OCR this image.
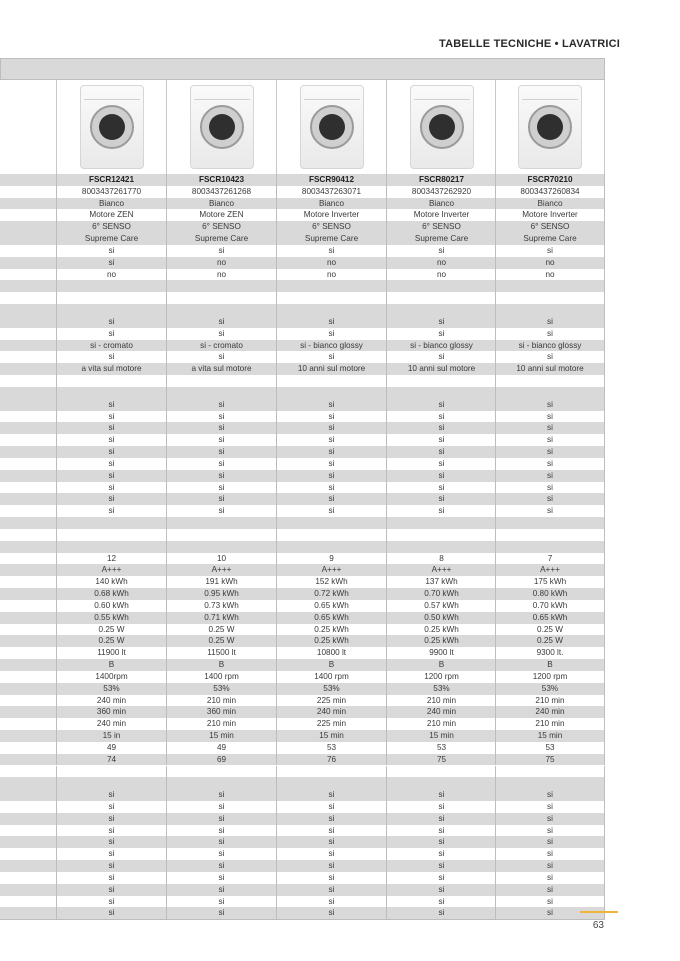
TABELLE TECNICHE • LAVATRICI
FSCR12421	FSCR10423	FSCR90412	FSCR80217	FSCR70210
8003437261770	8003437261268	8003437263071	8003437262920	8003437260834
Bianco	Bianco	Bianco	Bianco	Bianco
Motore ZEN	Motore ZEN	Motore Inverter	Motore Inverter	Motore Inverter
6° SENSO	6° SENSO	6° SENSO	6° SENSO	6° SENSO
Supreme Care	Supreme Care	Supreme Care	Supreme Care	Supreme Care
si	si	si	si	si
si	no	no	no	no
no	no	no	no	no
si	si	si	si	si
si	si	si	si	si
si - cromato	si - cromato	si - bianco glossy	si - bianco glossy	si - bianco glossy
si	si	si	si	si
a vita sul motore	a vita sul motore	10 anni sul motore	10 anni sul motore	10 anni sul motore
si	si	si	si	si
si	si	si	si	si
si	si	si	si	si
si	si	si	si	si
si	si	si	si	si
si	si	si	si	si
si	si	si	si	si
si	si	si	si	si
si	si	si	si	si
si	si	si	si	si
12	10	9	8	7
A+++	A+++	A+++	A+++	A+++
140 kWh	191 kWh	152 kWh	137 kWh	175 kWh
0.68 kWh	0.95 kWh	0.72 kWh	0.70 kWh	0.80 kWh
0.60 kWh	0.73 kWh	0.65 kWh	0.57 kWh	0.70 kWh
0.55 kWh	0.71 kWh	0.65 kWh	0.50 kWh	0.65 kWh
0.25 W	0.25 W	0.25 kWh	0.25 kWh	0.25 W
0.25 W	0.25 W	0.25 kWh	0.25 kWh	0.25 W
11900 lt	11500 lt	10800 lt	9900 lt	9300 lt.
B	B	B	B	B
1400rpm	1400 rpm	1400 rpm	1200 rpm	1200 rpm
53%	53%	53%	53%	53%
240 min	210 min	225 min	210 min	210 min
360 min	360 min	240 min	240 min	240 min
240 min	210 min	225 min	210 min	210 min
15 in	15 min	15 min	15 min	15 min
49	49	53	53	53
74	69	76	75	75
si	si	si	si	si
si	si	si	si	si
si	si	si	si	si
si	si	si	si	si
si	si	si	si	si
si	si	si	si	si
si	si	si	si	si
si	si	si	si	si
si	si	si	si	si
si	si	si	si	si
si	si	si	si	si
63
